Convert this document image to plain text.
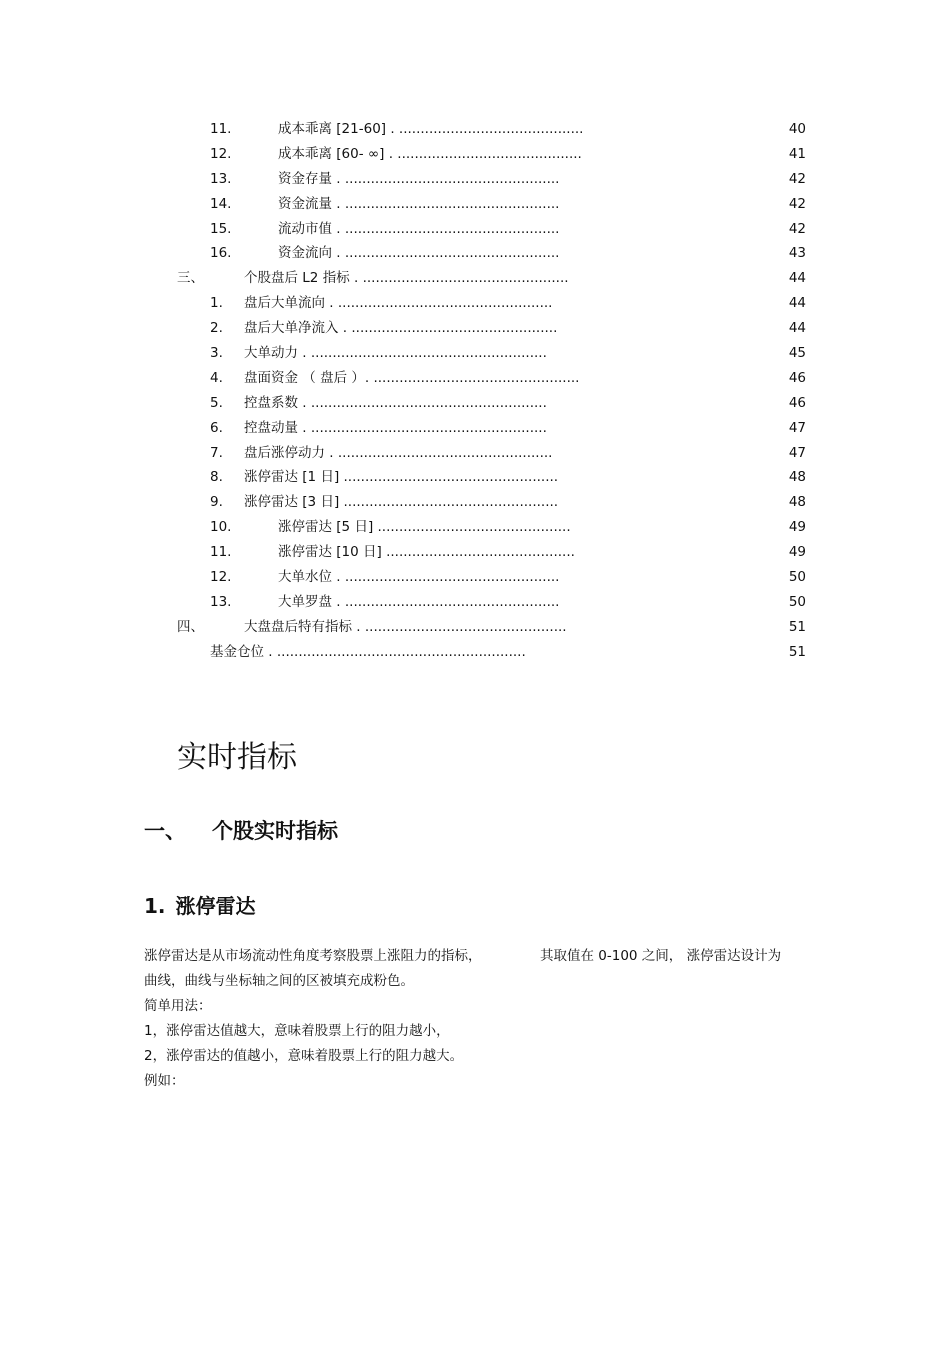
11.	成本乖离 [21-60] . ...........................................	40
12.	成本乖离 [60- ∞] . ...........................................	41
13.	资金存量 . ..................................................	42
14.	资金流量 . ..................................................	42
15.	流动市值 . ..................................................	42
16.	资金流向 . ..................................................	43
三、	个股盘后 L2 指标 . ................................................	44
1. 盘后大单流向 . ..................................................	44
2. 盘后大单净流入 . ................................................	44
3. 大单动力 . .......................................................	45
4. 盘面资金 （ 盘后 ）. ................................................	46
5. 控盘系数 . .......................................................	46
6. 控盘动量 . .......................................................	47
7. 盘后涨停动力 . ..................................................	47
8. 涨停雷达 [1 日] ..................................................	48
9. 涨停雷达 [3 日] ..................................................	48
10.	涨停雷达 [5 日] .............................................	49
11.	涨停雷达 [10 日] ............................................	49
12.	大单水位 . ..................................................	50
13.	大单罗盘 . ..................................................	50
四、	大盘盘后特有指标 . ...............................................	51
基金仓位 . ..........................................................	51
实时指标
一、 个股实时指标
1. 涨停雷达
涨停雷达是从市场流动性角度考察股票上涨阻力的指标，	其取值在 0-100 之间， 涨停雷达设计为
曲线，曲线与坐标轴之间的区被填充成粉色。
简单用法：
1，涨停雷达值越大，意味着股票上行的阻力越小，
2，涨停雷达的值越小，意味着股票上行的阻力越大。
例如：
